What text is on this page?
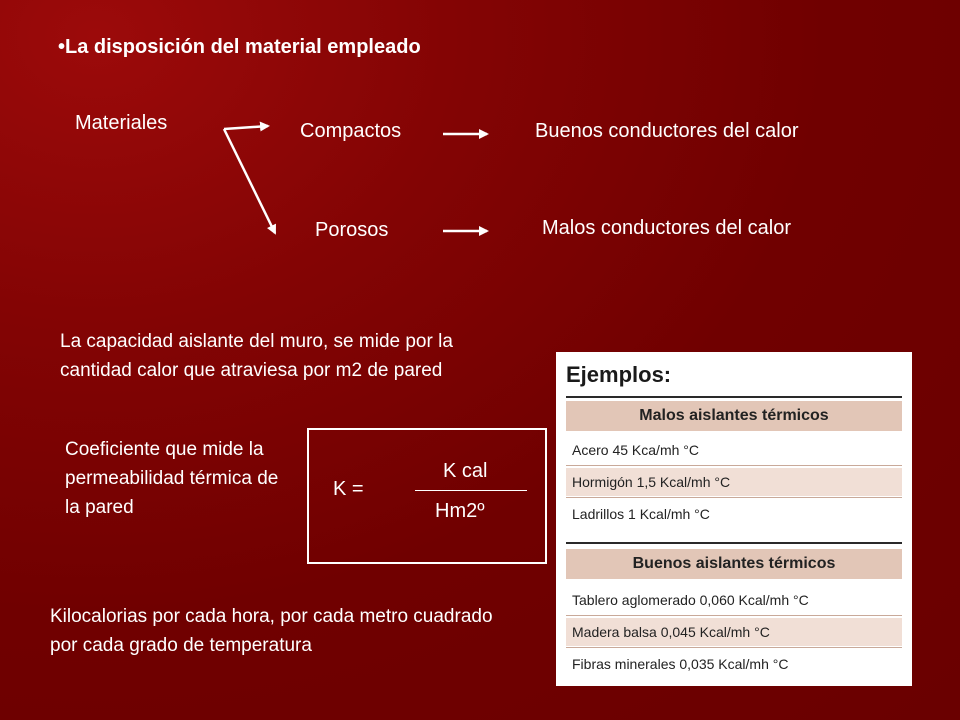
•La disposición del material empleado
Materiales	Compactos
Porosos
Buenos conductores del calor
Malos conductores del calor
La capacidad aislante del muro, se mide por la cantidad calor que atraviesa por m2 de pared
Coeficiente que mide la permeabilidad térmica de la pared
Kilocalorias por cada hora, por cada metro cuadrado por cada grado de temperatura
K =
K cal
Hm2º
Ejemplos:
Malos aislantes térmicos
Acero 45 Kca/mh °C
Hormigón 1,5 Kcal/mh °C
Ladrillos 1 Kcal/mh °C
Buenos aislantes térmicos
Tablero aglomerado 0,060 Kcal/mh °C
Madera balsa 0,045 Kcal/mh °C
Fibras minerales 0,035 Kcal/mh °C
